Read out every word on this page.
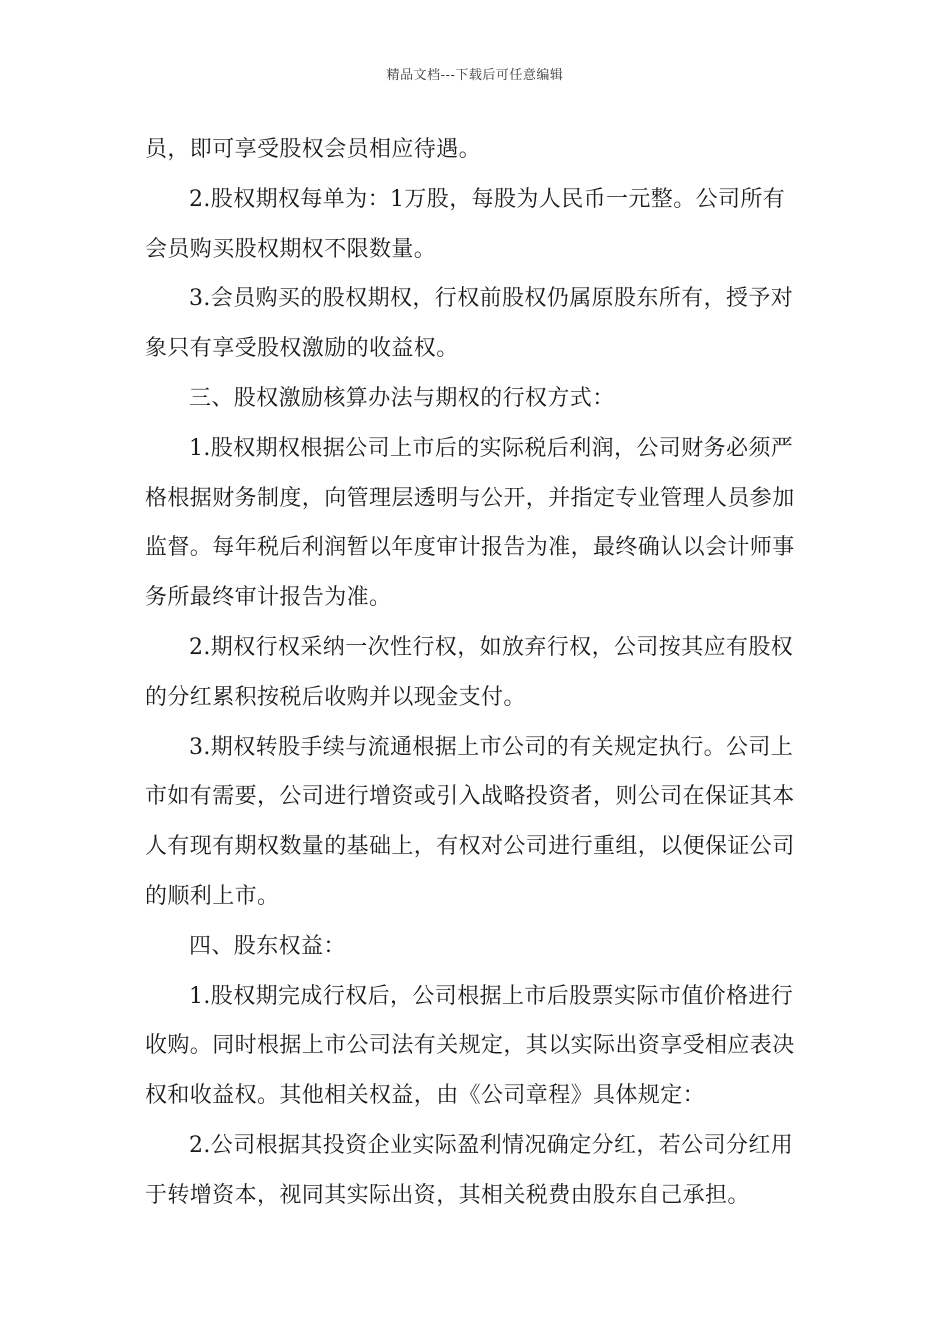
精品文档---下载后可任意编辑
员，即可享受股权会员相应待遇。
2.股权期权每单为：1万股，每股为人民币一元整。公司所有
会员购买股权期权不限数量。
3.会员购买的股权期权，行权前股权仍属原股东所有，授予对
象只有享受股权激励的收益权。
三、股权激励核算办法与期权的行权方式：
1.股权期权根据公司上市后的实际税后利润，公司财务必须严
格根据财务制度，向管理层透明与公开，并指定专业管理人员参加
监督。每年税后利润暂以年度审计报告为准，最终确认以会计师事
务所最终审计报告为准。
2.期权行权采纳一次性行权，如放弃行权，公司按其应有股权
的分红累积按税后收购并以现金支付。
3.期权转股手续与流通根据上市公司的有关规定执行。公司上
市如有需要，公司进行增资或引入战略投资者，则公司在保证其本
人有现有期权数量的基础上，有权对公司进行重组，以便保证公司
的顺利上市。
四、股东权益：
1.股权期完成行权后，公司根据上市后股票实际市值价格进行
收购。同时根据上市公司法有关规定，其以实际出资享受相应表决
权和收益权。其他相关权益，由《公司章程》具体规定：
2.公司根据其投资企业实际盈利情况确定分红，若公司分红用
于转增资本，视同其实际出资，其相关税费由股东自己承担。
